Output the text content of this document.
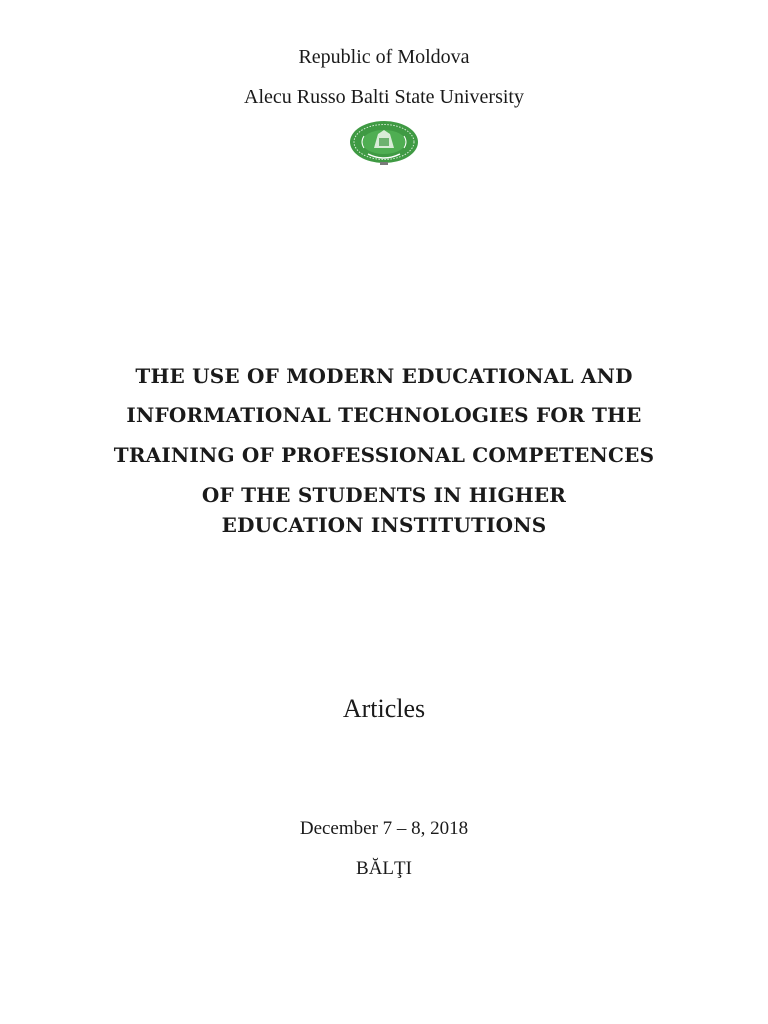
Republic of Moldova
Alecu Russo Balti State University
THE USE OF MODERN EDUCATIONAL AND
INFORMATIONAL TECHNOLOGIES FOR THE
TRAINING OF PROFESSIONAL COMPETENCES
OF THE STUDENTS IN HIGHER
EDUCATION INSTITUTIONS
Articles
December 7 – 8, 2018
BĂLŢI
